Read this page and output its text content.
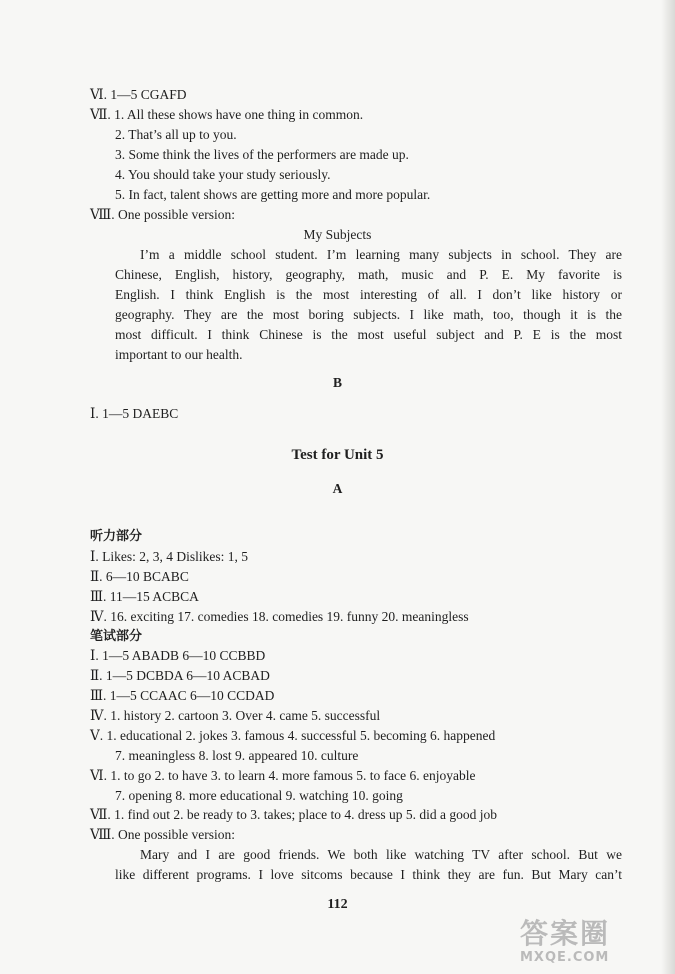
Ⅵ. 1—5 CGAFD
Ⅶ. 1. All these shows have one thing in common.
2. That’s all up to you.
3. Some think the lives of the performers are made up.
4. You should take your study seriously.
5. In fact, talent shows are getting more and more popular.
Ⅷ. One possible version:
My Subjects
I’m a middle school student. I’m learning many subjects in school. They are
Chinese, English, history, geography, math, music and P. E. My favorite is
English. I think English is the most interesting of all. I don’t like history or
geography. They are the most boring subjects. I like math, too, though it is the
most difficult. I think Chinese is the most useful subject and P. E is the most
important to our health.
B
Ⅰ. 1—5 DAEBC
Test for Unit 5
A
听力部分
Ⅰ. Likes: 2, 3, 4 Dislikes: 1, 5
Ⅱ. 6—10 BCABC
Ⅲ. 11—15 ACBCA
Ⅳ. 16. exciting 17. comedies 18. comedies 19. funny 20. meaningless
笔试部分
Ⅰ. 1—5 ABADB 6—10 CCBBD
Ⅱ. 1—5 DCBDA 6—10 ACBAD
Ⅲ. 1—5 CCAAC 6—10 CCDAD
Ⅳ. 1. history 2. cartoon 3. Over 4. came 5. successful
Ⅴ. 1. educational 2. jokes 3. famous 4. successful 5. becoming 6. happened
7. meaningless 8. lost 9. appeared 10. culture
Ⅵ. 1. to go 2. to have 3. to learn 4. more famous 5. to face 6. enjoyable
7. opening 8. more educational 9. watching 10. going
Ⅶ. 1. find out 2. be ready to 3. takes; place to 4. dress up 5. did a good job
Ⅷ. One possible version:
Mary and I are good friends. We both like watching TV after school. But we
like different programs. I love sitcoms because I think they are fun. But Mary can’t
112
答案圈
MXQE.COM
